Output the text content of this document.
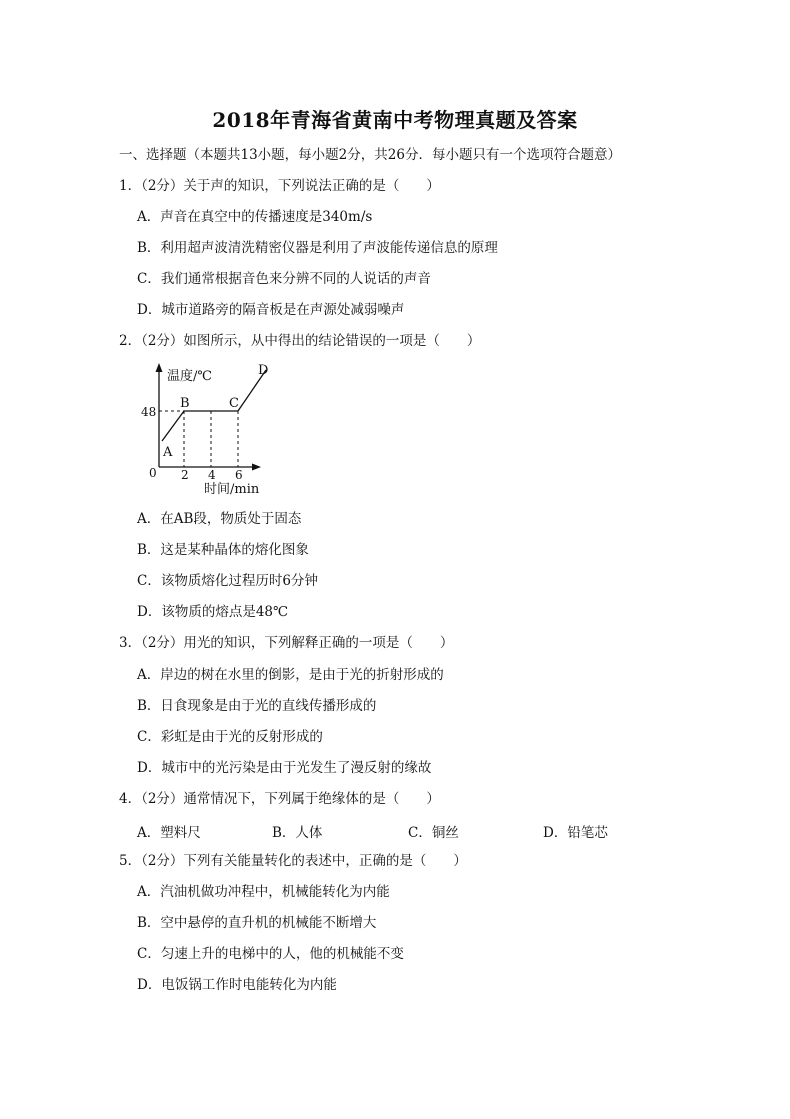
2018年青海省黄南中考物理真题及答案
一、选择题（本题共13小题，每小题2分，共26分．每小题只有一个选项符合题意）
1．（2分）关于声的知识，下列说法正确的是（　　）
A．声音在真空中的传播速度是340m/s
B．利用超声波清洗精密仪器是利用了声波能传递信息的原理
C．我们通常根据音色来分辨不同的人说话的声音
D．城市道路旁的隔音板是在声源处减弱噪声
2．（2分）如图所示，从中得出的结论错误的一项是（　　）
温度/℃
48
0 2 4 6
时间/min
A
B	C
D
A．在AB段，物质处于固态
B．这是某种晶体的熔化图象
C．该物质熔化过程历时6分钟
D．该物质的熔点是48℃
3．（2分）用光的知识，下列解释正确的一项是（　　）
A．岸边的树在水里的倒影，是由于光的折射形成的
B．日食现象是由于光的直线传播形成的
C．彩虹是由于光的反射形成的
D．城市中的光污染是由于光发生了漫反射的缘故
4．（2分）通常情况下，下列属于绝缘体的是（　　）
A．塑料尺	B．人体	C．铜丝	D．铅笔芯
5．（2分）下列有关能量转化的表述中，正确的是（　　）
A．汽油机做功冲程中，机械能转化为内能
B．空中悬停的直升机的机械能不断增大
C．匀速上升的电梯中的人，他的机械能不变
D．电饭锅工作时电能转化为内能
